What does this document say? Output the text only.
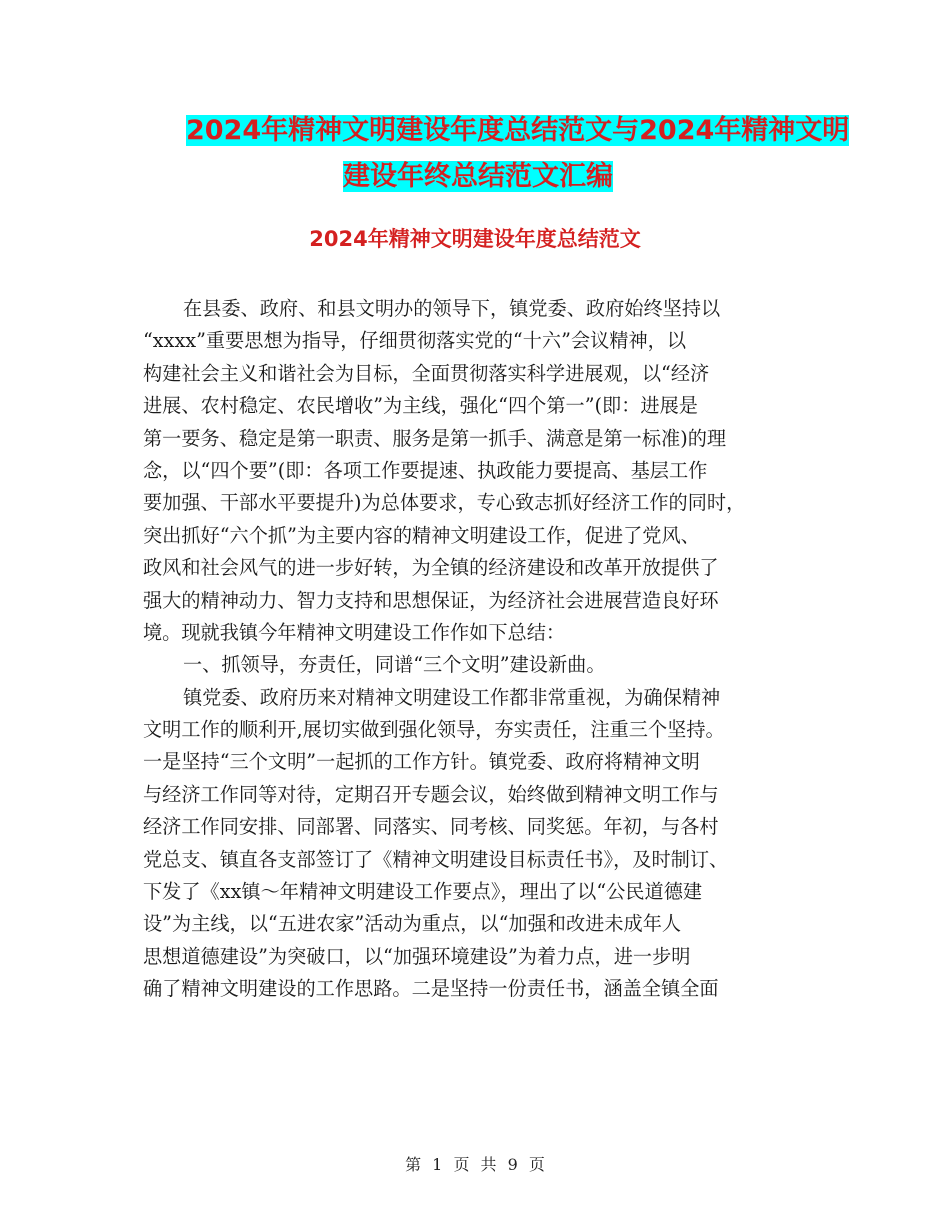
2024年精神文明建设年度总结范文与2024年精神文明
建设年终总结范文汇编
2024年精神文明建设年度总结范文
在县委、政府、和县文明办的领导下，镇党委、政府始终坚持以
“xxxx”重要思想为指导，仔细贯彻落实党的“十六”会议精神，以
构建社会主义和谐社会为目标，全面贯彻落实科学进展观，以“经济
进展、农村稳定、农民增收”为主线，强化“四个第一”(即：进展是
第一要务、稳定是第一职责、服务是第一抓手、满意是第一标准)的理
念，以“四个要”(即：各项工作要提速、执政能力要提高、基层工作
要加强、干部水平要提升)为总体要求，专心致志抓好经济工作的同时，
突出抓好“六个抓”为主要内容的精神文明建设工作，促进了党风、
政风和社会风气的进一步好转，为全镇的经济建设和改革开放提供了
强大的精神动力、智力支持和思想保证，为经济社会进展营造良好环
境。现就我镇今年精神文明建设工作作如下总结：
一、抓领导，夯责任，同谱“三个文明”建设新曲。
镇党委、政府历来对精神文明建设工作都非常重视，为确保精神
文明工作的顺利开,展切实做到强化领导，夯实责任，注重三个坚持。
一是坚持“三个文明”一起抓的工作方针。镇党委、政府将精神文明
与经济工作同等对待，定期召开专题会议，始终做到精神文明工作与
经济工作同安排、同部署、同落实、同考核、同奖惩。年初，与各村
党总支、镇直各支部签订了《精神文明建设目标责任书》，及时制订、
下发了《xx镇～年精神文明建设工作要点》，理出了以“公民道德建
设”为主线，以“五进农家”活动为重点，以“加强和改进未成年人
思想道德建设”为突破口，以“加强环境建设”为着力点，进一步明
确了精神文明建设的工作思路。二是坚持一份责任书，涵盖全镇全面
第 1 页 共 9 页
